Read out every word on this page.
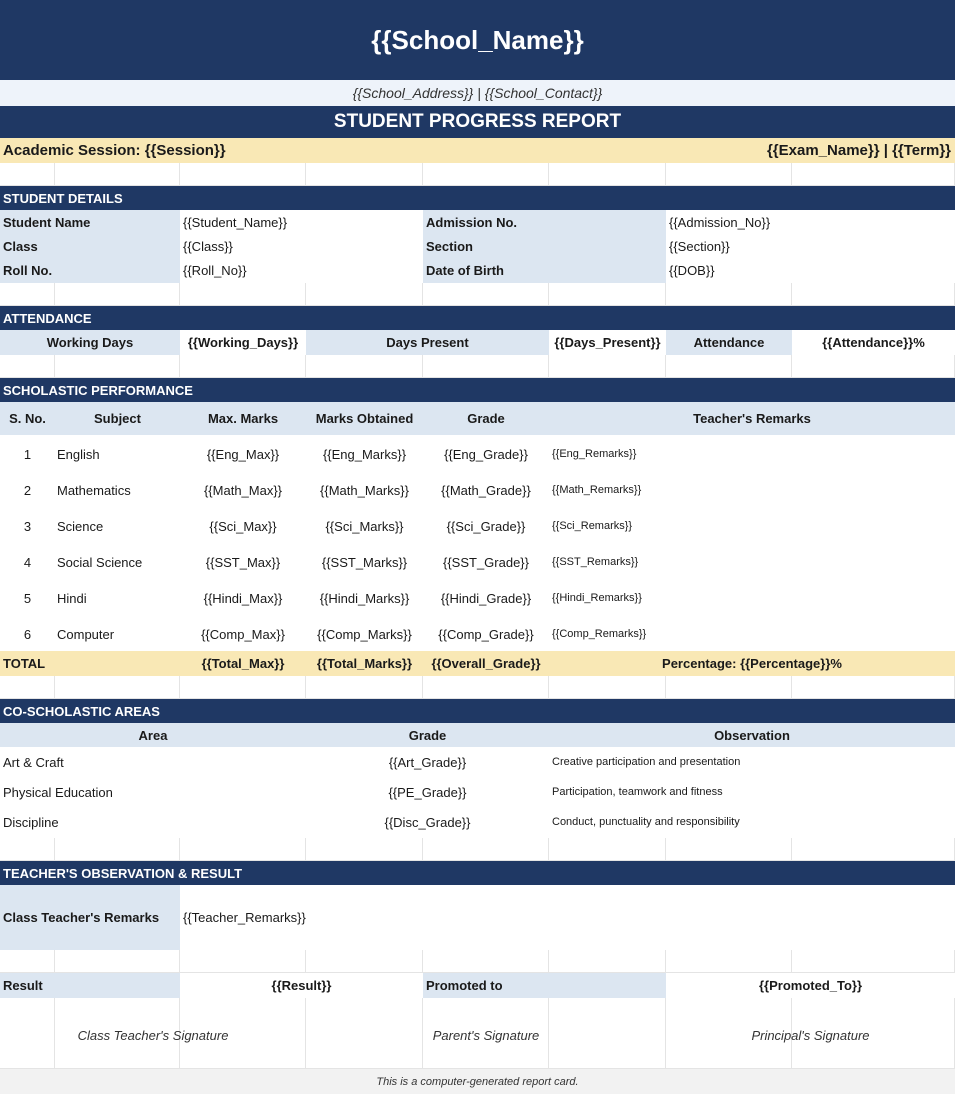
{{School_Name}}
{{School_Address}} | {{School_Contact}}
STUDENT PROGRESS REPORT
Academic Session: {{Session}}	{{Exam_Name}} | {{Term}}
STUDENT DETAILS
Student Name	{{Student_Name}}	Admission No.	{{Admission_No}}
Class	{{Class}}	Section	{{Section}}
Roll No.	{{Roll_No}}	Date of Birth	{{DOB}}
ATTENDANCE
Working Days	{{Working_Days}}	Days Present	{{Days_Present}}	Attendance	{{Attendance}}%
SCHOLASTIC PERFORMANCE
S. No.	Subject	Max. Marks	Marks Obtained	Grade	Teacher's Remarks
1	English	{{Eng_Max}}	{{Eng_Marks}}	{{Eng_Grade}}	{{Eng_Remarks}}
2	Mathematics	{{Math_Max}}	{{Math_Marks}}	{{Math_Grade}}	{{Math_Remarks}}
3	Science	{{Sci_Max}}	{{Sci_Marks}}	{{Sci_Grade}}	{{Sci_Remarks}}
4	Social Science	{{SST_Max}}	{{SST_Marks}}	{{SST_Grade}}	{{SST_Remarks}}
5	Hindi	{{Hindi_Max}}	{{Hindi_Marks}}	{{Hindi_Grade}}	{{Hindi_Remarks}}
6	Computer	{{Comp_Max}}	{{Comp_Marks}}	{{Comp_Grade}}	{{Comp_Remarks}}
TOTAL	{{Total_Max}}	{{Total_Marks}}	{{Overall_Grade}}	Percentage: {{Percentage}}%
CO-SCHOLASTIC AREAS
Area	Grade	Observation
Art & Craft	{{Art_Grade}}	Creative participation and presentation
Physical Education	{{PE_Grade}}	Participation, teamwork and fitness
Discipline	{{Disc_Grade}}	Conduct, punctuality and responsibility
TEACHER'S OBSERVATION & RESULT
Class Teacher's Remarks	{{Teacher_Remarks}}
Result	{{Result}}	Promoted to	{{Promoted_To}}
Class Teacher's Signature	Parent's Signature	Principal's Signature
This is a computer-generated report card.
